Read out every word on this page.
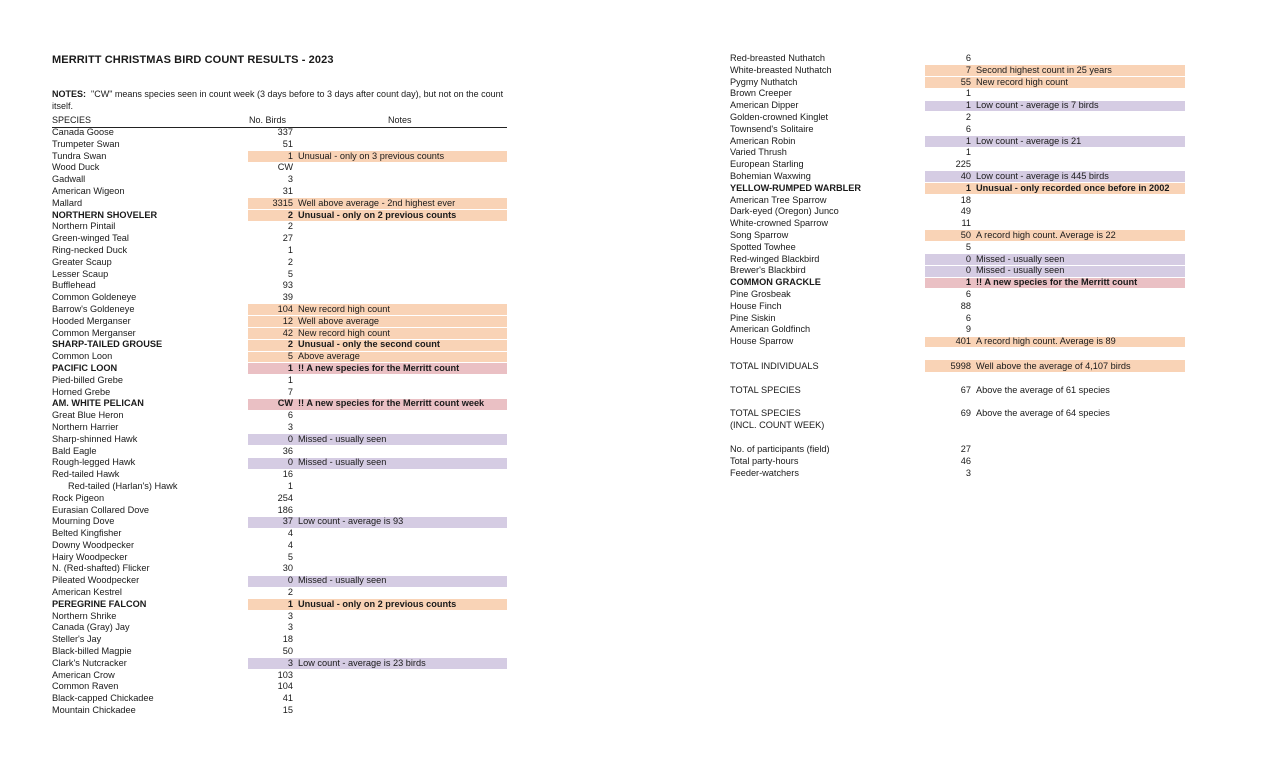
MERRITT CHRISTMAS BIRD COUNT RESULTS - 2023
NOTES: "CW" means species seen in count week (3 days before to 3 days after count day), but not on the count itself.
SPECIES	No. Birds	Notes
Canada Goose	337
Trumpeter Swan	51
Tundra Swan	1 Unusual - only on 3 previous counts
Wood Duck	CW
Gadwall	3
American Wigeon	31
Mallard	3315 Well above average - 2nd highest ever
NORTHERN SHOVELER	2 Unusual - only on 2 previous counts
Northern Pintail	2
Green-winged Teal	27
Ring-necked Duck	1
Greater Scaup	2
Lesser Scaup	5
Bufflehead	93
Common Goldeneye	39
Barrow's Goldeneye	104 New record high count
Hooded Merganser	12 Well above average
Common Merganser	42 New record high count
SHARP-TAILED GROUSE	2 Unusual - only the second count
Common Loon	5 Above average
PACIFIC LOON	1 !! A new species for the Merritt count
Pied-billed Grebe	1
Horned Grebe	7
AM. WHITE PELICAN	CW !! A new species for the Merritt count week
Great Blue Heron	6
Northern Harrier	3
Sharp-shinned Hawk	0 Missed - usually seen
Bald Eagle	36
Rough-legged Hawk	0 Missed - usually seen
Red-tailed Hawk	16
Red-tailed (Harlan's) Hawk	1
Rock Pigeon	254
Eurasian Collared Dove	186
Mourning Dove	37 Low count - average is 93
Belted Kingfisher	4
Downy Woodpecker	4
Hairy Woodpecker	5
N. (Red-shafted) Flicker	30
Pileated Woodpecker	0 Missed - usually seen
American Kestrel	2
PEREGRINE FALCON	1 Unusual - only on 2 previous counts
Northern Shrike	3
Canada (Gray) Jay	3
Steller's Jay	18
Black-billed Magpie	50
Clark's Nutcracker	3 Low count - average is 23 birds
American Crow	103
Common Raven	104
Black-capped Chickadee	41
Mountain Chickadee	15
Red-breasted Nuthatch	6
White-breasted Nuthatch	7 Second highest count in 25 years
Pygmy Nuthatch	55 New record high count
Brown Creeper	1
American Dipper	1 Low count - average is 7 birds
Golden-crowned Kinglet	2
Townsend's Solitaire	6
American Robin	1 Low count - average is 21
Varied Thrush	1
European Starling	225
Bohemian Waxwing	40 Low count - average is 445 birds
YELLOW-RUMPED WARBLER	1 Unusual - only recorded once before in 2002
American Tree Sparrow	18
Dark-eyed (Oregon) Junco	49
White-crowned Sparrow	11
Song Sparrow	50 A record high count. Average is 22
Spotted Towhee	5
Red-winged Blackbird	0 Missed - usually seen
Brewer's Blackbird	0 Missed - usually seen
COMMON GRACKLE	1 !! A new species for the Merritt count
Pine Grosbeak	6
House Finch	88
Pine Siskin	6
American Goldfinch	9
House Sparrow	401 A record high count. Average is 89
TOTAL INDIVIDUALS	5998 Well above the average of 4,107 birds
TOTAL SPECIES	67 Above the average of 61 species
TOTAL SPECIES
(INCL. COUNT WEEK)
69 Above the average of 64 species
No. of participants (field)	27
Total party-hours	46
Feeder-watchers	3
